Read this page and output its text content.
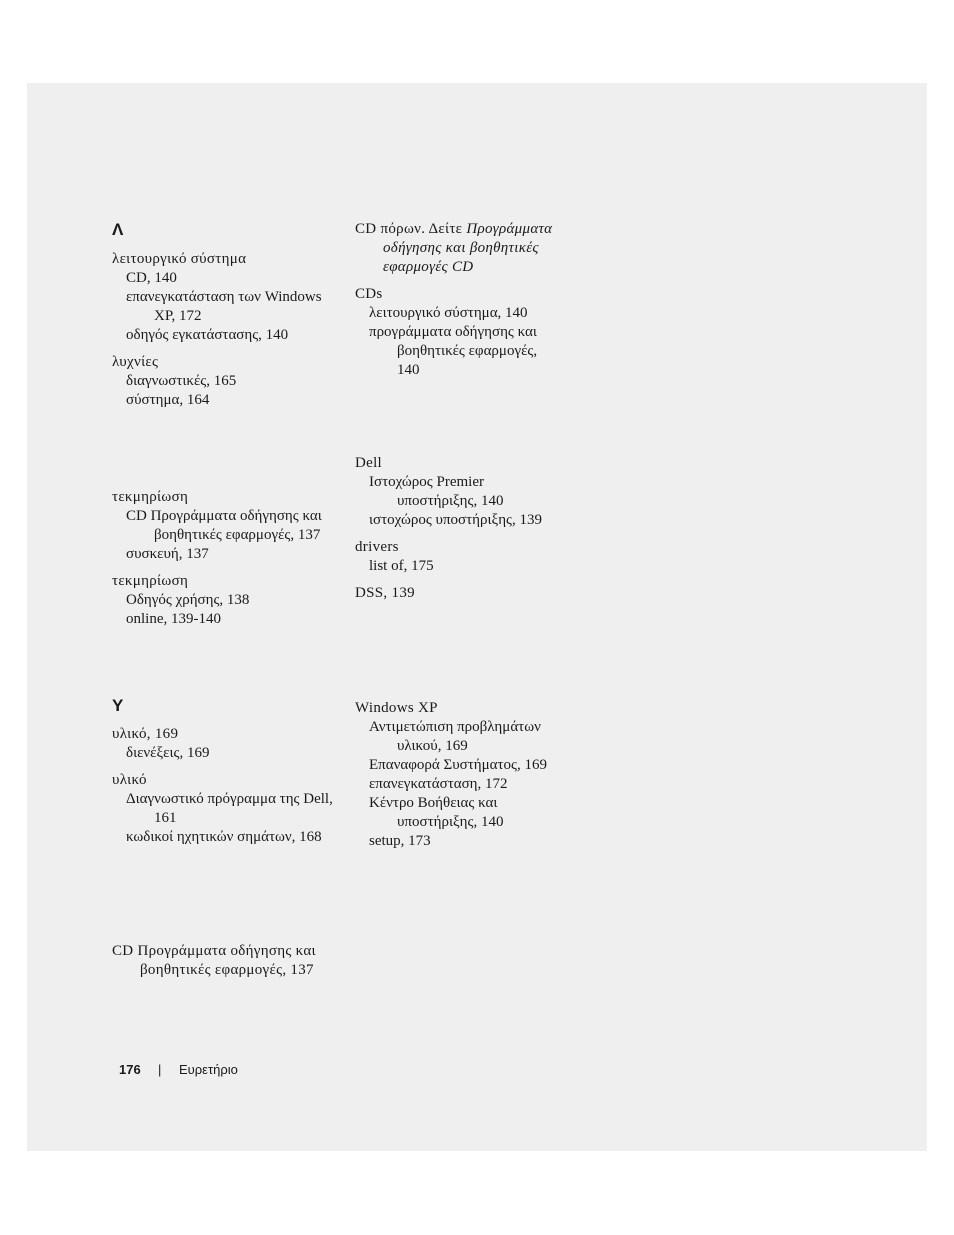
Λ

λειτουργικό σύστημα

CD, 140

επανεγκατάσταση των Windows XP, 172

οδηγός εγκατάστασης, 140

λυχνίες

διαγνωστικές, 165

σύστημα, 164

τεκμηρίωση

CD Προγράμματα οδήγησης και βοηθητικές εφαρμογές, 137

συσκευή, 137

τεκμηρίωση

Οδηγός χρήσης, 138

online, 139-140

Υ

υλικό, 169

διενέξεις, 169

υλικό

Διαγνωστικό πρόγραμμα της Dell, 161

κωδικοί ηχητικών σημάτων, 168

CD Προγράμματα οδήγησης και βοηθητικές εφαρμογές, 137

CD πόρων. Δείτε Προγράμματα οδήγησης και βοηθητικές εφαρμογές CD

CDs

λειτουργικό σύστημα, 140

προγράμματα οδήγησης και βοηθητικές εφαρμογές, 140

Dell

Ιστοχώρος Premier υποστήριξης, 140

ιστοχώρος υποστήριξης, 139

drivers

list of, 175

DSS, 139

Windows XP

Αντιμετώπιση προβλημάτων υλικού, 169

Επαναφορά Συστήματος, 169

επανεγκατάσταση, 172

Κέντρο Βοήθειας και υποστήριξης, 140

setup, 173

176 | Ευρετήριο
